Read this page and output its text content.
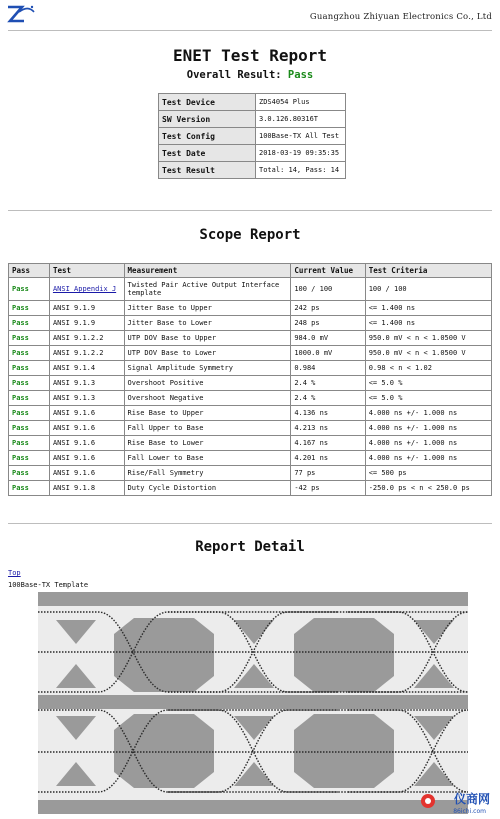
Guangzhou Zhiyuan Electronics Co., Ltd
ENET Test Report
Overall Result: Pass
Test Device	ZDS4054 Plus
SW Version	3.0.126.80316T
Test Config	100Base-TX All Test
Test Date	2018-03-19 09:35:35
Test Result	Total: 14, Pass: 14
Scope Report
Pass	Test	Measurement	Current Value	Test Criteria
Pass	ANSI Appendix J	Twisted Pair Active Output Interface template	100 / 100	100 / 100
Pass	ANSI 9.1.9	Jitter Base to Upper	242 ps	<= 1.400 ns
Pass	ANSI 9.1.9	Jitter Base to Lower	248 ps	<= 1.400 ns
Pass	ANSI 9.1.2.2	UTP DOV Base to Upper	984.0 mV	950.0 mV < n < 1.0500 V
Pass	ANSI 9.1.2.2	UTP DOV Base to Lower	1000.0 mV	950.0 mV < n < 1.0500 V
Pass	ANSI 9.1.4	Signal Amplitude Symmetry	0.984	0.98 < n < 1.02
Pass	ANSI 9.1.3	Overshoot Positive	2.4 %	<= 5.0 %
Pass	ANSI 9.1.3	Overshoot Negative	2.4 %	<= 5.0 %
Pass	ANSI 9.1.6	Rise Base to Upper	4.136 ns	4.000 ns +/- 1.000 ns
Pass	ANSI 9.1.6	Fall Upper to Base	4.213 ns	4.000 ns +/- 1.000 ns
Pass	ANSI 9.1.6	Rise Base to Lower	4.167 ns	4.000 ns +/- 1.000 ns
Pass	ANSI 9.1.6	Fall Lower to Base	4.201 ns	4.000 ns +/- 1.000 ns
Pass	ANSI 9.1.6	Rise/Fall Symmetry	77 ps	<= 500 ps
Pass	ANSI 9.1.8	Duty Cycle Distortion	-42 ps	-250.0 ps < n < 250.0 ps
Report Detail
Top
100Base-TX Template
仪商网
86ichi.com
